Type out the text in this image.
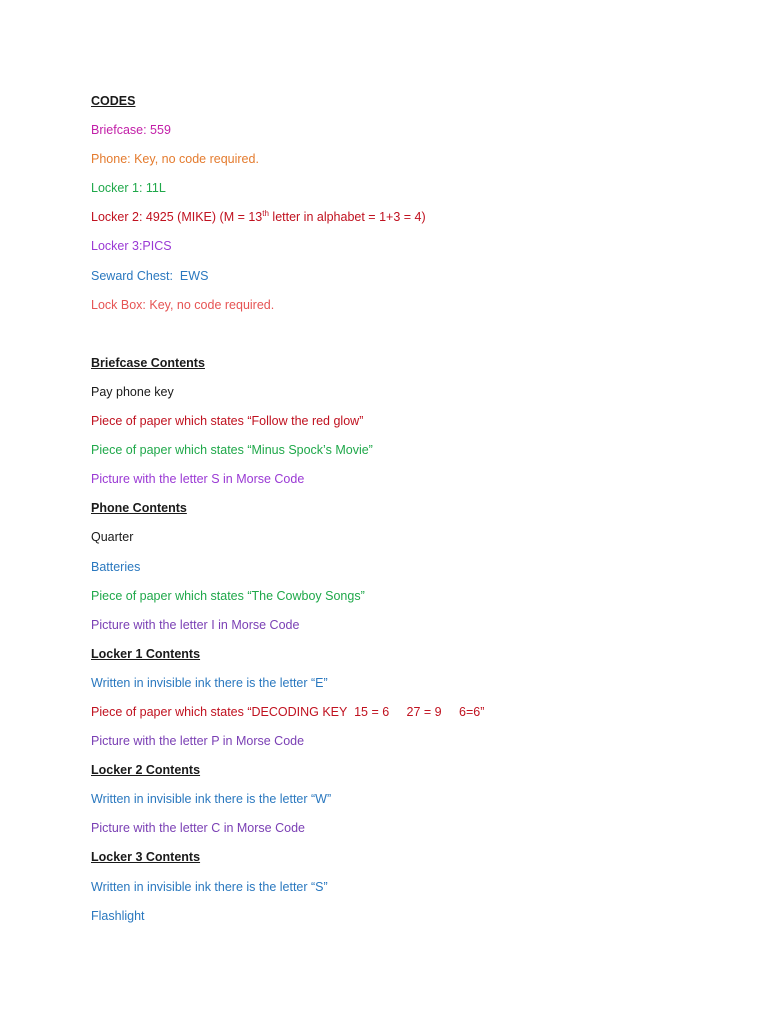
CODES
Briefcase: 559
Phone: Key, no code required.
Locker 1: 11L
Locker 2: 4925 (MIKE) (M = 13th letter in alphabet = 1+3 = 4)
Locker 3:PICS
Seward Chest:  EWS
Lock Box: Key, no code required.
Briefcase Contents
Pay phone key
Piece of paper which states “Follow the red glow”
Piece of paper which states “Minus Spock’s Movie”
Picture with the letter S in Morse Code
Phone Contents
Quarter
Batteries
Piece of paper which states “The Cowboy Songs”
Picture with the letter I in Morse Code
Locker 1 Contents
Written in invisible ink there is the letter “E”
Piece of paper which states “DECODING KEY  15 = 6     27 = 9     6=6”
Picture with the letter P in Morse Code
Locker 2 Contents
Written in invisible ink there is the letter “W”
Picture with the letter C in Morse Code
Locker 3 Contents
Written in invisible ink there is the letter “S”
Flashlight
